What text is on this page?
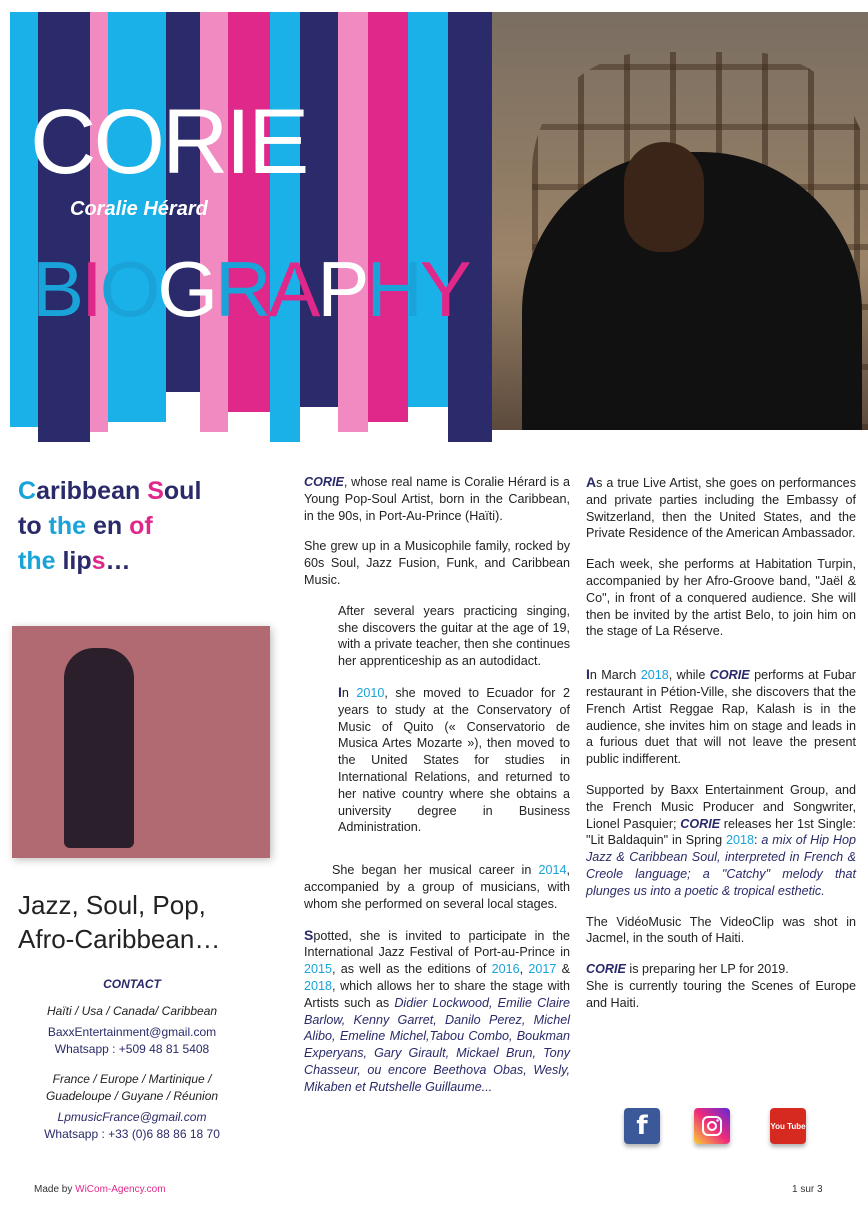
CORIE
Coralie Hérard
BIOGRAPHY
Caribbean Soul
to the en of
the lips…
Jazz, Soul, Pop,
Afro-Caribbean…
CONTACT
Haïti / Usa / Canada/ Caribbean
BaxxEntertainment@gmail.com
Whatsapp : +509 48 81 5408
France / Europe / Martinique /
Guadeloupe / Guyane / Réunion
LpmusicFrance@gmail.com
Whatsapp : +33 (0)6 88 86 18 70

CORIE, whose real name is Coralie Hérard is a Young Pop-Soul Artist, born in the Caribbean, in the 90s, in Port-Au-Prince (Haïti).

She grew up in a Musicophile family, rocked by 60s Soul, Jazz Fusion, Funk, and Caribbean Music.

After several years practicing singing, she discovers the guitar at the age of 19, with a private teacher, then she continues her apprenticeship as an autodidact.

In 2010, she moved to Ecuador for 2 years to study at the Conservatory of Music of Quito (« Conservatorio de Musica Artes Mozarte »), then moved to the United States for studies in International Relations, and returned to her native country where she obtains a university degree in Business Administration.

She began her musical career in 2014, accompanied by a group of musicians, with whom she performed on several local stages.

Spotted, she is invited to participate in the International Jazz Festival of Port-au-Prince in 2015, as well as the editions of 2016, 2017 & 2018, which allows her to share the stage with Artists such as Didier Lockwood, Emilie Claire Barlow, Kenny Garret, Danilo Perez, Michel Alibo, Emeline Michel,Tabou Combo, Boukman Experyans, Gary Girault, Mickael Brun, Tony Chasseur, ou encore Beethova Obas, Wesly, Mikaben et Rutshelle Guillaume...

As a true Live Artist, she goes on performances and private parties including the Embassy of Switzerland, then the United States, and the Private Residence of the American Ambassador.

Each week, she performs at Habitation Turpin, accompanied by her Afro-Groove band, "Jaël & Co", in front of a conquered audience. She will then be invited by the artist Belo, to join him on the stage of La Réserve.

In March 2018, while CORIE performs at Fubar restaurant in Pétion-Ville, she discovers that the French Artist Reggae Rap, Kalash is in the audience, she invites him on stage and leads in a furious duet that will not leave the present public indifferent.

Supported by Baxx Entertainment Group, and the French Music Producer and Songwriter, Lionel Pasquier; CORIE releases her 1st Single: "Lit Baldaquin" in Spring 2018: a mix of Hip Hop Jazz & Caribbean Soul, interpreted in French & Creole language; a "Catchy" melody that plunges us into a poetic & tropical esthetic.

The VidéoMusic The VideoClip was shot in Jacmel, in the south of Haiti.

CORIE is preparing her LP for 2019.

She is currently touring the Scenes of Europe and Haiti.

f	You Tube
Made by WiCom-Agency.com	1 sur 3
